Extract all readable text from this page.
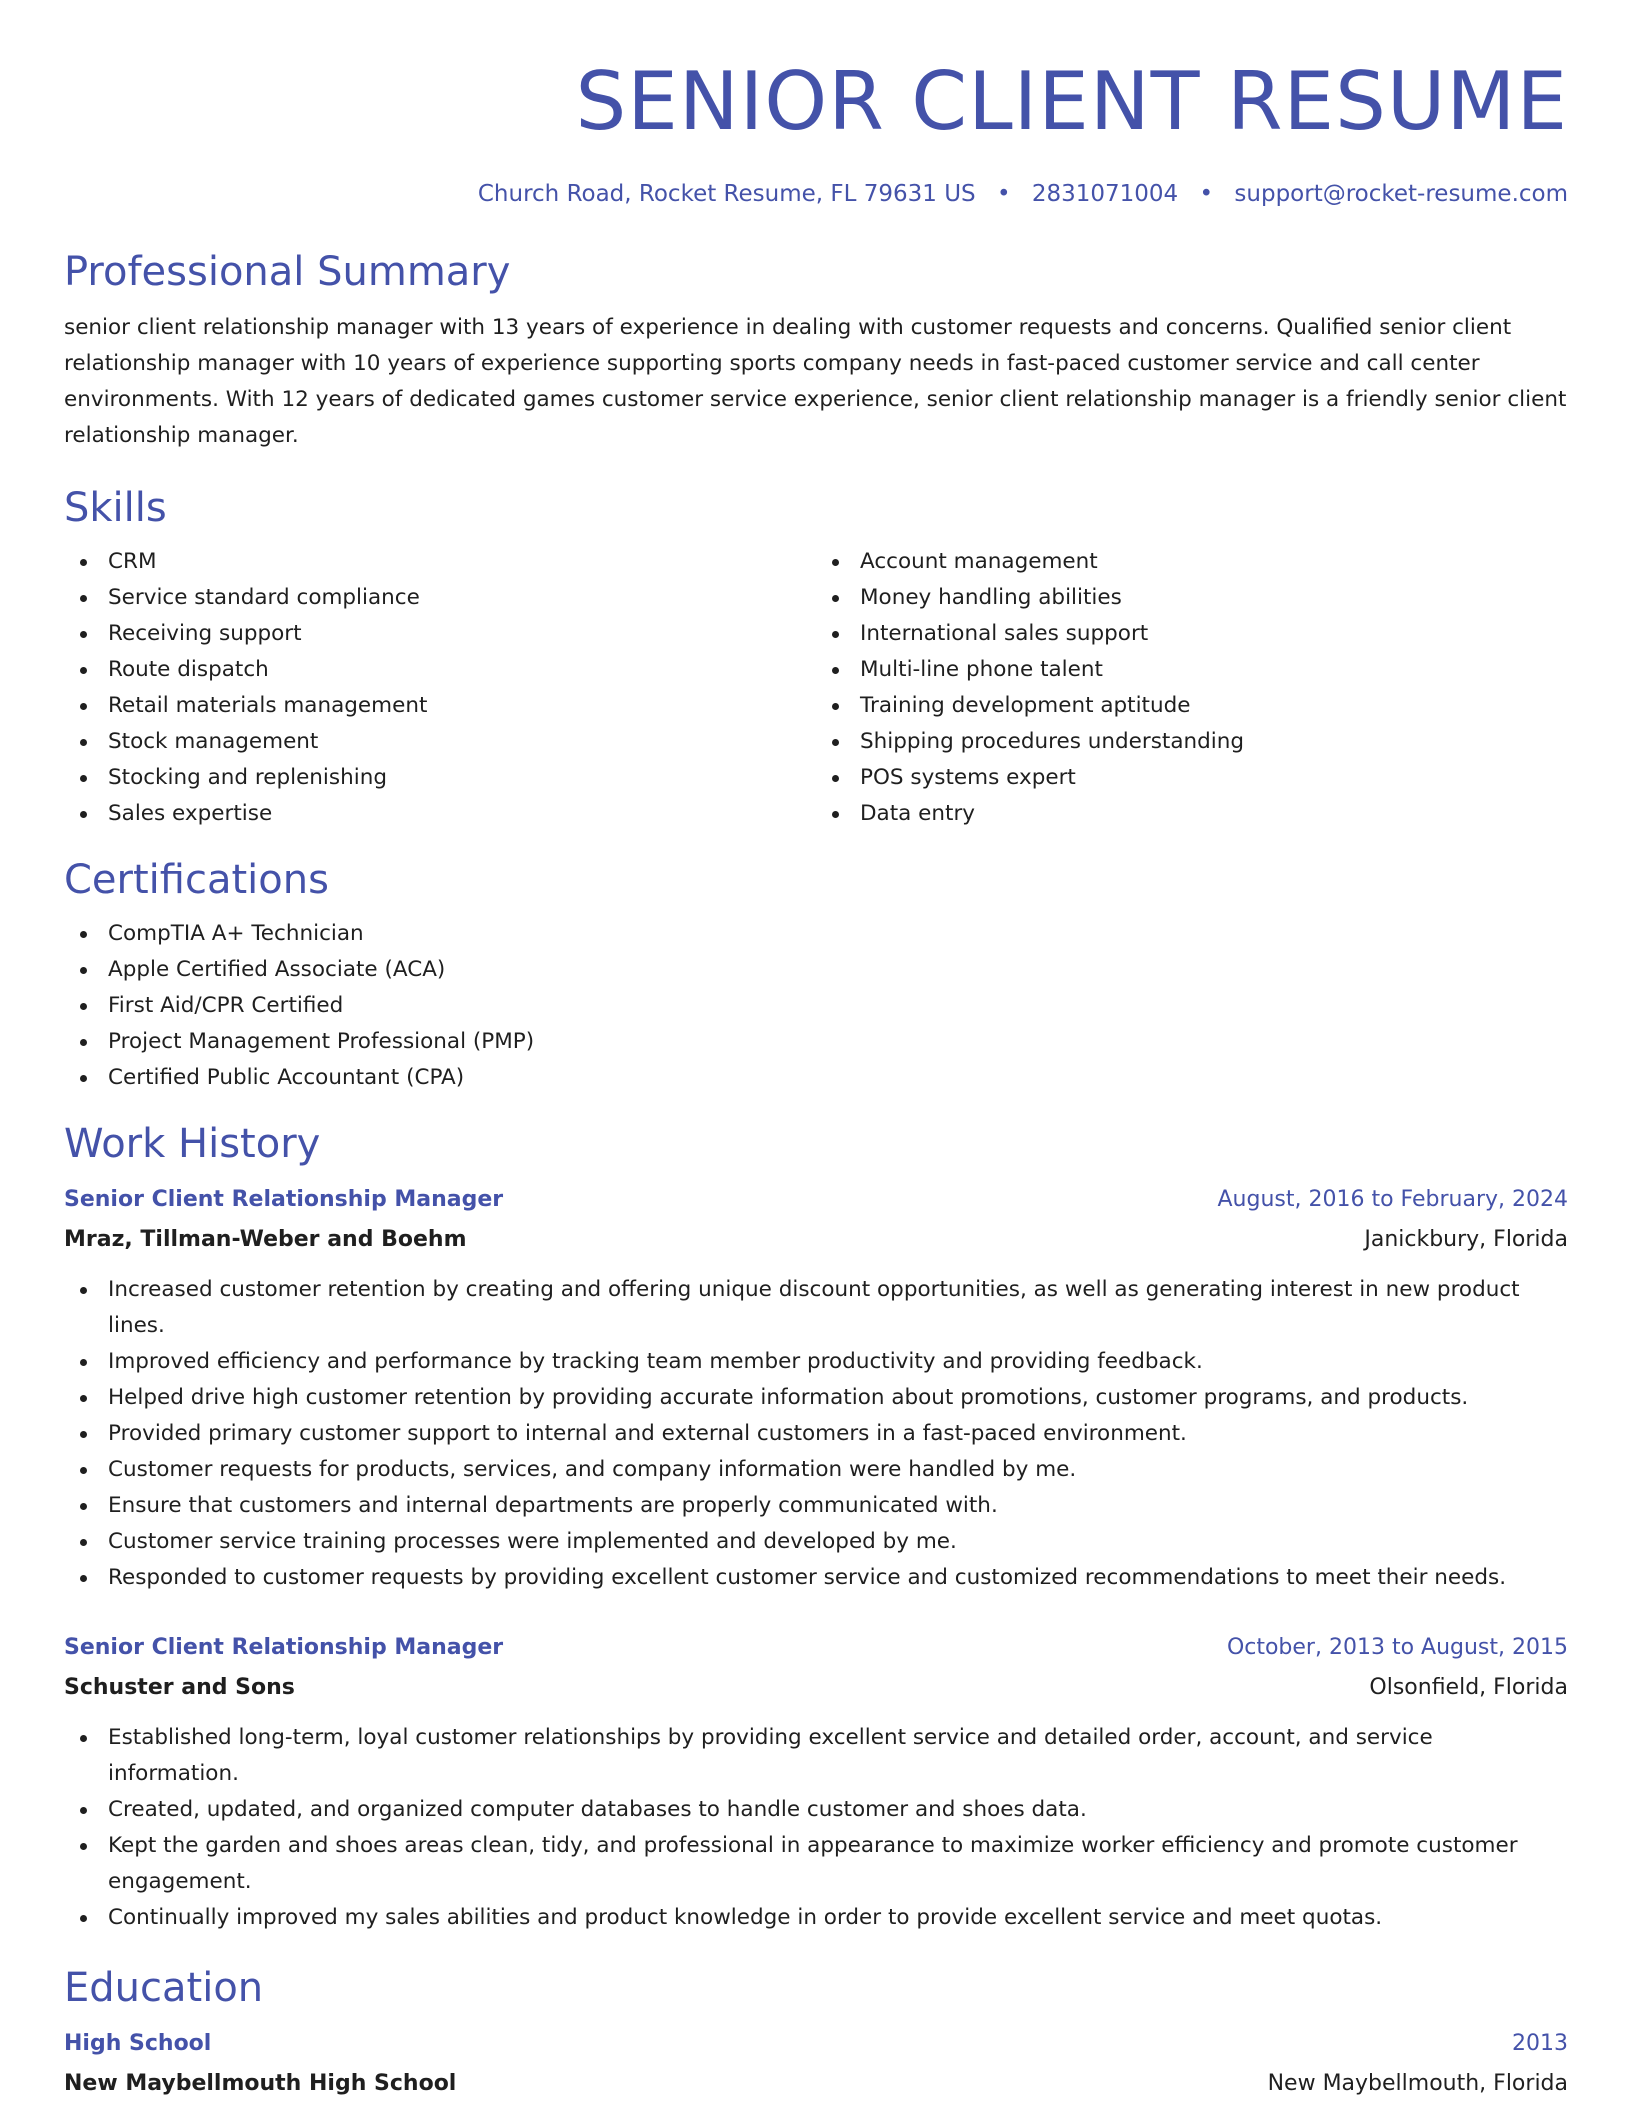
SENIOR CLIENT RESUME
Church Road, Rocket Resume, FL 79631 US • 2831071004 • support@rocket-resume.com
Professional Summary

senior client relationship manager with 13 years of experience in dealing with customer requests and concerns. Qualified senior client relationship manager with 10 years of experience supporting sports company needs in fast-paced customer service and call center environments. With 12 years of dedicated games customer service experience, senior client relationship manager is a friendly senior client relationship manager.

Skills
CRM
Service standard compliance
Receiving support
Route dispatch
Retail materials management
Stock management
Stocking and replenishing
Sales expertise
Account management
Money handling abilities
International sales support
Multi-line phone talent
Training development aptitude
Shipping procedures understanding
POS systems expert
Data entry
Certifications
CompTIA A+ Technician
Apple Certified Associate (ACA)
First Aid/CPR Certified
Project Management Professional (PMP)
Certified Public Accountant (CPA)
Work History
Senior Client Relationship Manager	August, 2016 to February, 2024
Mraz, Tillman-Weber and Boehm	Janickbury, Florida
Increased customer retention by creating and offering unique discount opportunities, as well as generating interest in new product lines.
Improved efficiency and performance by tracking team member productivity and providing feedback.
Helped drive high customer retention by providing accurate information about promotions, customer programs, and products.
Provided primary customer support to internal and external customers in a fast-paced environment.
Customer requests for products, services, and company information were handled by me.
Ensure that customers and internal departments are properly communicated with.
Customer service training processes were implemented and developed by me.
Responded to customer requests by providing excellent customer service and customized recommendations to meet their needs.
Senior Client Relationship Manager	October, 2013 to August, 2015
Schuster and Sons	Olsonfield, Florida
Established long-term, loyal customer relationships by providing excellent service and detailed order, account, and service information.
Created, updated, and organized computer databases to handle customer and shoes data.
Kept the garden and shoes areas clean, tidy, and professional in appearance to maximize worker efficiency and promote customer engagement.
Continually improved my sales abilities and product knowledge in order to provide excellent service and meet quotas.
Education
High School	2013
New Maybellmouth High School	New Maybellmouth, Florida
